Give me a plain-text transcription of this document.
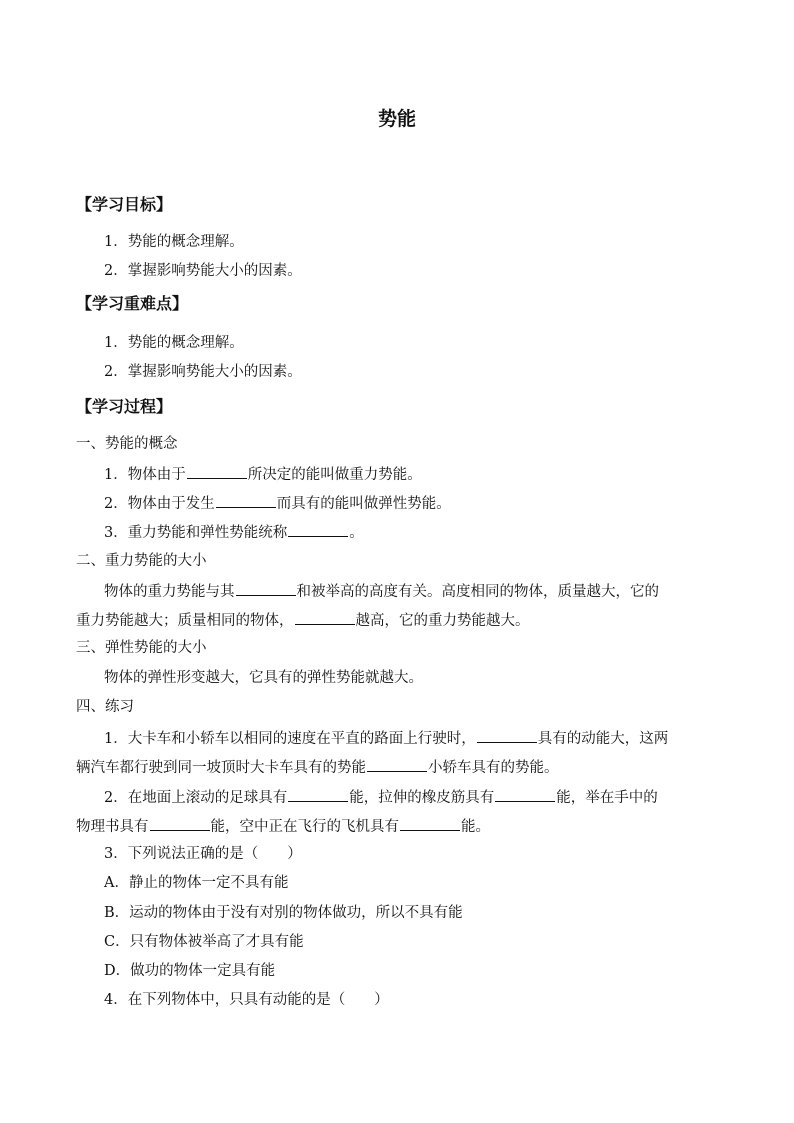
势能
【学习目标】
1．势能的概念理解。
2．掌握影响势能大小的因素。
【学习重难点】
1．势能的概念理解。
2．掌握影响势能大小的因素。
【学习过程】
一、势能的概念
1．物体由于	所决定的能叫做重力势能。
2．物体由于发生	而具有的能叫做弹性势能。
3．重力势能和弹性势能统称	。
二、重力势能的大小
物体的重力势能与其	和被举高的高度有关。高度相同的物体，质量越大，它的
重力势能越大；质量相同的物体，	越高，它的重力势能越大。
三、弹性势能的大小
物体的弹性形变越大，它具有的弹性势能就越大。
四、练习
1．大卡车和小轿车以相同的速度在平直的路面上行驶时，	具有的动能大，这两
辆汽车都行驶到同一坡顶时大卡车具有的势能	小轿车具有的势能。
2．在地面上滚动的足球具有	能，拉伸的橡皮筋具有	能，举在手中的
物理书具有	能，空中正在飞行的飞机具有	能。
3．下列说法正确的是（　　）
A．静止的物体一定不具有能
B．运动的物体由于没有对别的物体做功，所以不具有能
C．只有物体被举高了才具有能
D．做功的物体一定具有能
4．在下列物体中，只具有动能的是（　　）
